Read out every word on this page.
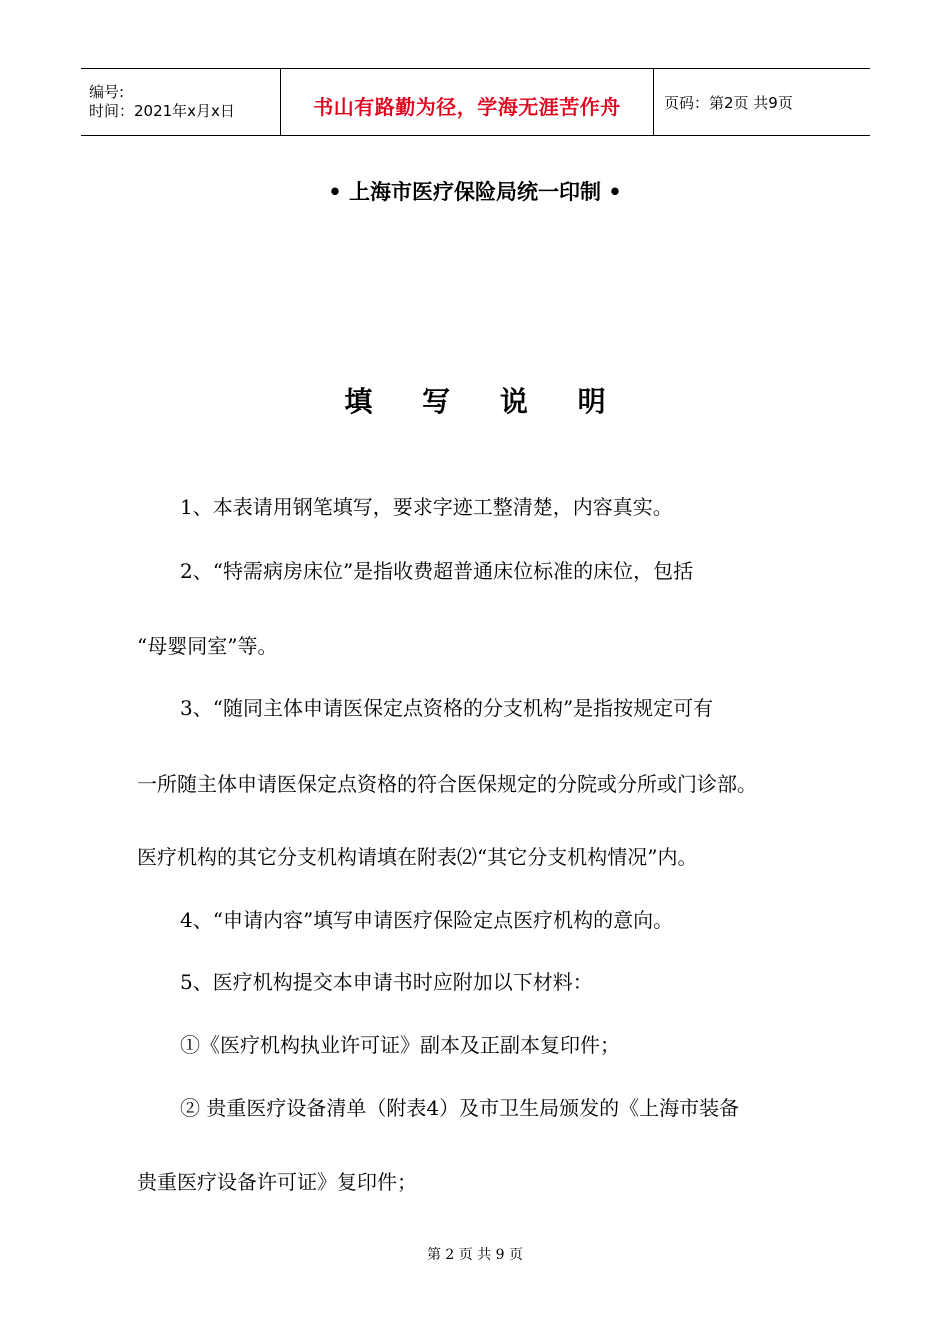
编号:
时间：2021年x月x日	书山有路勤为径，学海无涯苦作舟	页码：第2页 共9页
• 上海市医疗保险局统一印制 •
填 写 说 明
1、本表请用钢笔填写，要求字迹工整清楚，内容真实。
2、“特需病房床位”是指收费超普通床位标准的床位，包括
“母婴同室”等。
3、“随同主体申请医保定点资格的分支机构”是指按规定可有
一所随主体申请医保定点资格的符合医保规定的分院或分所或门诊部。
医疗机构的其它分支机构请填在附表⑵“其它分支机构情况”内。
4、“申请内容”填写申请医疗保险定点医疗机构的意向。
5、医疗机构提交本申请书时应附加以下材料：
①《医疗机构执业许可证》副本及正副本复印件；
② 贵重医疗设备清单（附表4）及市卫生局颁发的《上海市装备
贵重医疗设备许可证》复印件；
第 2 页 共 9 页
